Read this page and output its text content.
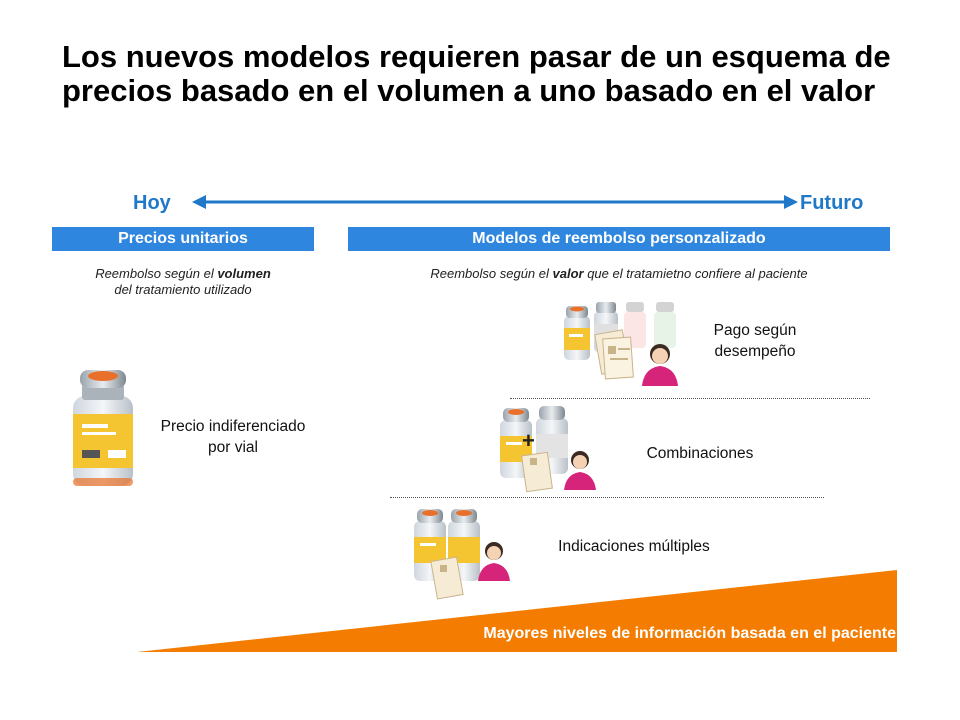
Los nuevos modelos requieren pasar de un esquema de precios basado en el volumen a uno basado en el valor
Hoy	Futuro
Precios unitarios	Modelos de reembolso personzalizado
Reembolso según el volumen
del tratamiento utilizado
Reembolso según el valor que el tratamietno confiere al paciente
Precio indiferenciado
por vial
Pago según
desempeño
+
Combinaciones
Indicaciones múltiples
Mayores niveles de información basada en el paciente
